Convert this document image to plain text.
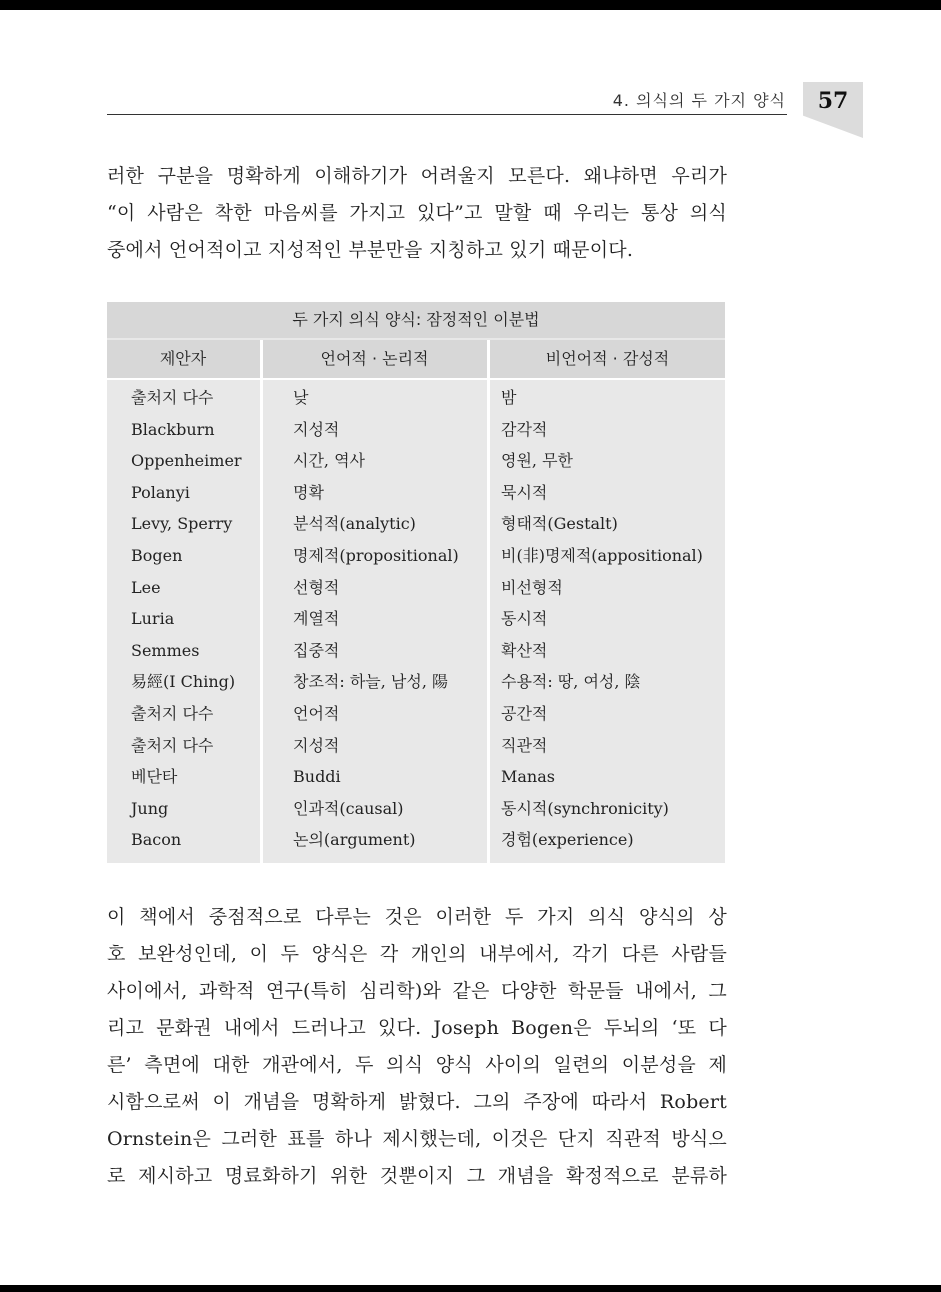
4. 의식의 두 가지 양식	57
러한 구분을 명확하게 이해하기가 어려울지 모른다. 왜냐하면 우리가
“이 사람은 착한 마음씨를 가지고 있다”고 말할 때 우리는 통상 의식
중에서 언어적이고 지성적인 부분만을 지칭하고 있기 때문이다.
두 가지 의식 양식: 잠정적인 이분법
제안자	언어적 · 논리적	비언어적 · 감성적
출처지 다수	낮	밤
Blackburn	지성적	감각적
Oppenheimer	시간, 역사	영원, 무한
Polanyi	명확	묵시적
Levy, Sperry	분석적(analytic)	형태적(Gestalt)
Bogen	명제적(propositional)	비(非)명제적(appositional)
Lee	선형적	비선형적
Luria	계열적	동시적
Semmes	집중적	확산적
易經(I Ching)	창조적: 하늘, 남성, 陽	수용적: 땅, 여성, 陰
출처지 다수	언어적	공간적
출처지 다수	지성적	직관적
베단타	Buddi	Manas
Jung	인과적(causal)	동시적(synchronicity)
Bacon	논의(argument)	경험(experience)
이 책에서 중점적으로 다루는 것은 이러한 두 가지 의식 양식의 상
호 보완성인데, 이 두 양식은 각 개인의 내부에서, 각기 다른 사람들
사이에서, 과학적 연구(특히 심리학)와 같은 다양한 학문들 내에서, 그
리고 문화권 내에서 드러나고 있다. Joseph Bogen은 두뇌의 ‘또 다
른’ 측면에 대한 개관에서, 두 의식 양식 사이의 일련의 이분성을 제
시함으로써 이 개념을 명확하게 밝혔다. 그의 주장에 따라서 Robert
Ornstein은 그러한 표를 하나 제시했는데, 이것은 단지 직관적 방식으
로 제시하고 명료화하기 위한 것뿐이지 그 개념을 확정적으로 분류하
